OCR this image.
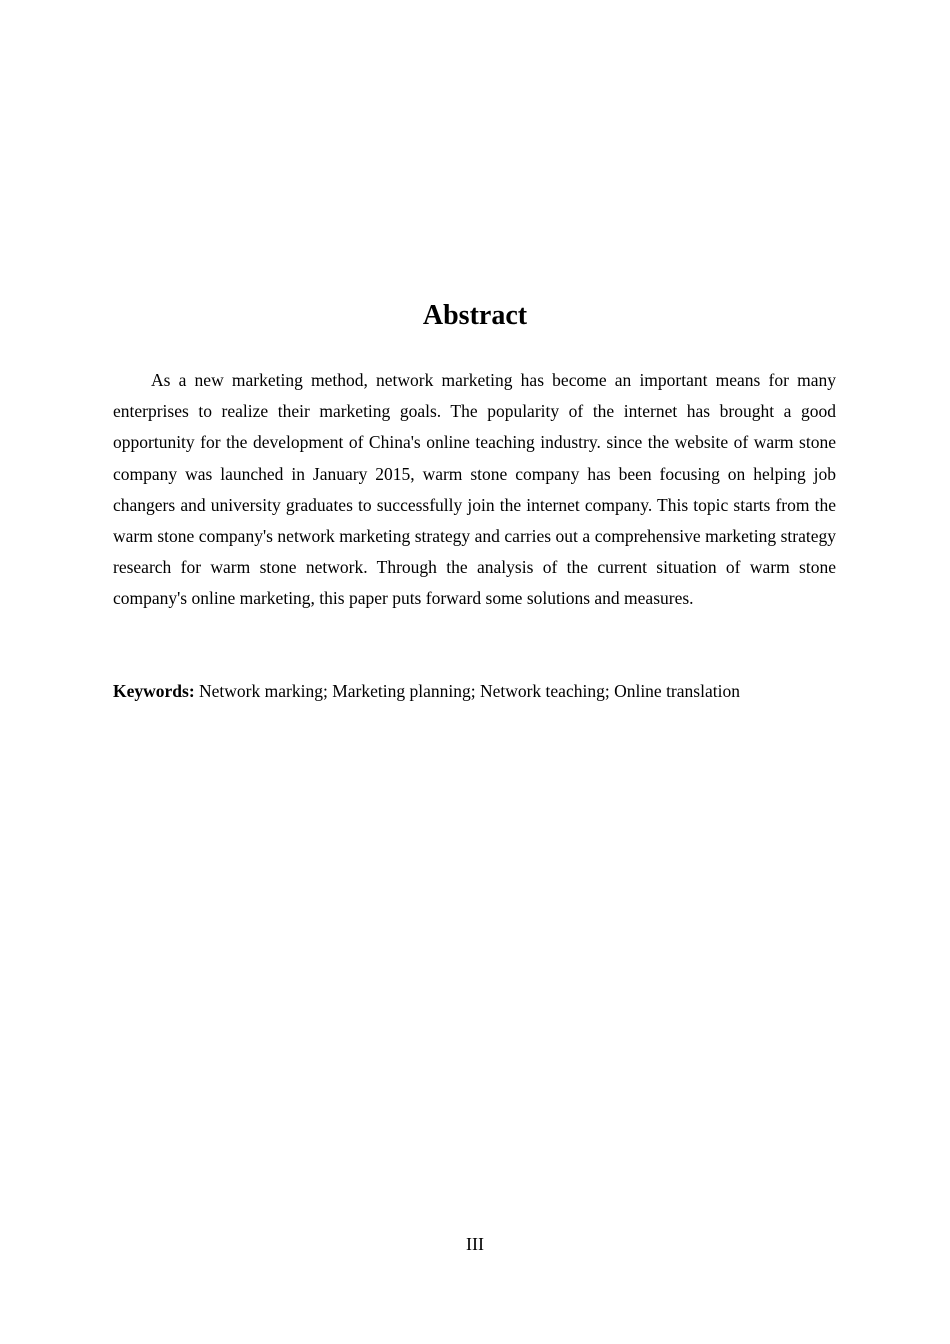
Abstract

As a new marketing method, network marketing has become an important means for many enterprises to realize their marketing goals. The popularity of the internet has brought a good opportunity for the development of China's online teaching industry. since the website of warm stone company was launched in January 2015, warm stone company has been focusing on helping job changers and university graduates to successfully join the internet company. This topic starts from the warm stone company's network marketing strategy and carries out a comprehensive marketing strategy research for warm stone network. Through the analysis of the current situation of warm stone company's online marketing, this paper puts forward some solutions and measures.

Keywords: Network marking; Marketing planning; Network teaching; Online translation

III
